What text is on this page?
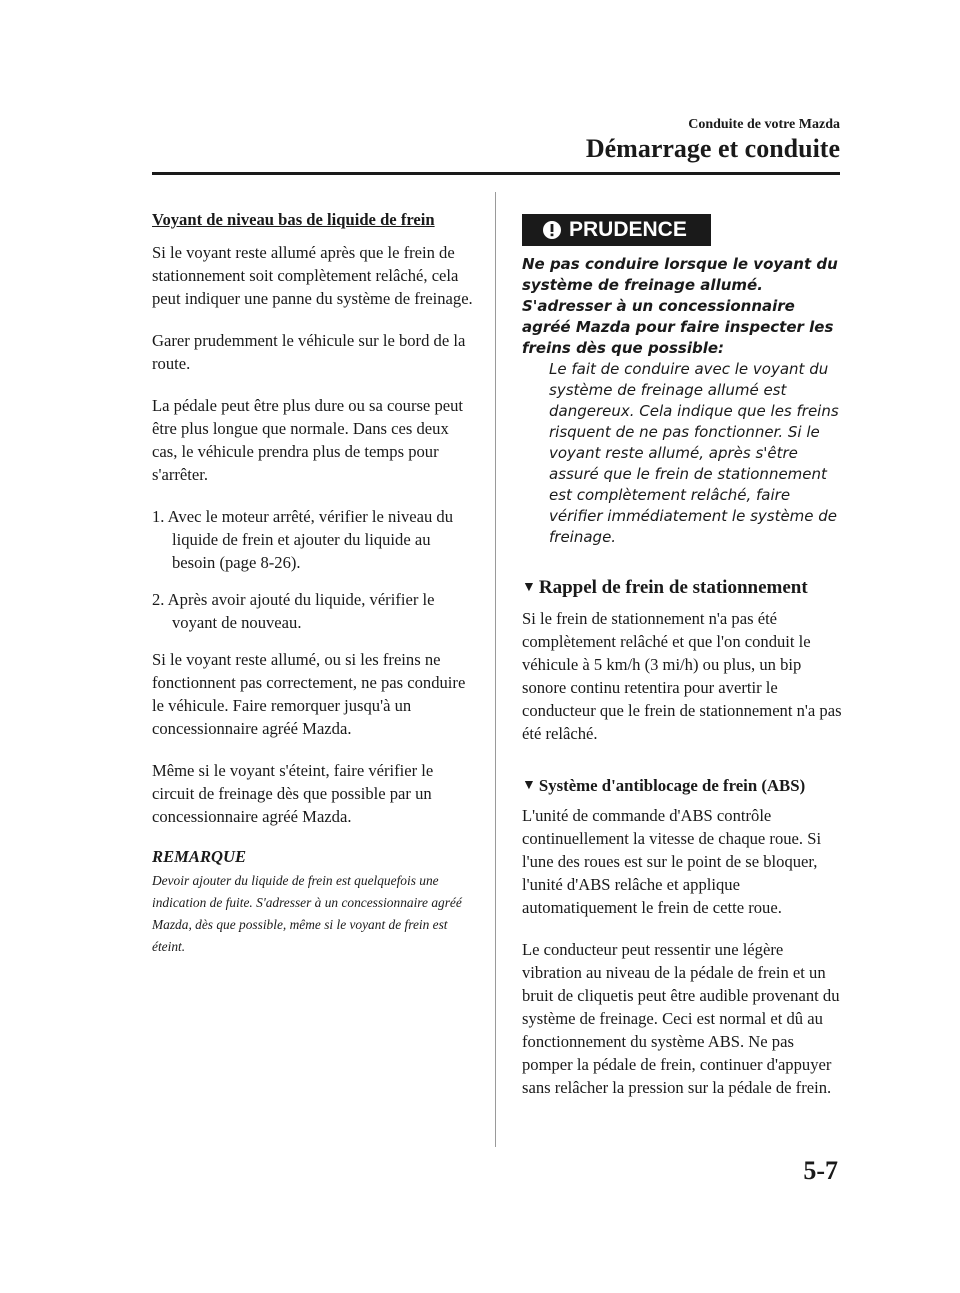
Conduite de votre Mazda
Démarrage et conduite
Voyant de niveau bas de liquide de frein

Si le voyant reste allumé après que le frein de stationnement soit complètement relâché, cela peut indiquer une panne du système de freinage.

Garer prudemment le véhicule sur le bord de la route.

La pédale peut être plus dure ou sa course peut être plus longue que normale. Dans ces deux cas, le véhicule prendra plus de temps pour s'arrêter.

1. Avec le moteur arrêté, vérifier le niveau du liquide de frein et ajouter du liquide au besoin (page 8-26).
2. Après avoir ajouté du liquide, vérifier le voyant de nouveau.

Si le voyant reste allumé, ou si les freins ne fonctionnent pas correctement, ne pas conduire le véhicule. Faire remorquer jusqu'à un concessionnaire agréé Mazda.

Même si le voyant s'éteint, faire vérifier le circuit de freinage dès que possible par un concessionnaire agréé Mazda.

REMARQUE

Devoir ajouter du liquide de frein est quelquefois une indication de fuite. S'adresser à un concessionnaire agréé Mazda, dès que possible, même si le voyant de frein est éteint.

PRUDENCE

Ne pas conduire lorsque le voyant du système de freinage allumé. S'adresser à un concessionnaire agréé Mazda pour faire inspecter les freins dès que possible:

Le fait de conduire avec le voyant du système de freinage allumé est dangereux. Cela indique que les freins risquent de ne pas fonctionner. Si le voyant reste allumé, après s'être assuré que le frein de stationnement est complètement relâché, faire vérifier immédiatement le système de freinage.

▼ Rappel de frein de stationnement

Si le frein de stationnement n'a pas été complètement relâché et que l'on conduit le véhicule à 5 km/h (3 mi/h) ou plus, un bip sonore continu retentira pour avertir le conducteur que le frein de stationnement n'a pas été relâché.

▼ Système d'antiblocage de frein (ABS)

L'unité de commande d'ABS contrôle continuellement la vitesse de chaque roue. Si l'une des roues est sur le point de se bloquer, l'unité d'ABS relâche et applique automatiquement le frein de cette roue.

Le conducteur peut ressentir une légère vibration au niveau de la pédale de frein et un bruit de cliquetis peut être audible provenant du système de freinage. Ceci est normal et dû au fonctionnement du système ABS. Ne pas pomper la pédale de frein, continuer d'appuyer sans relâcher la pression sur la pédale de frein.

5-7
